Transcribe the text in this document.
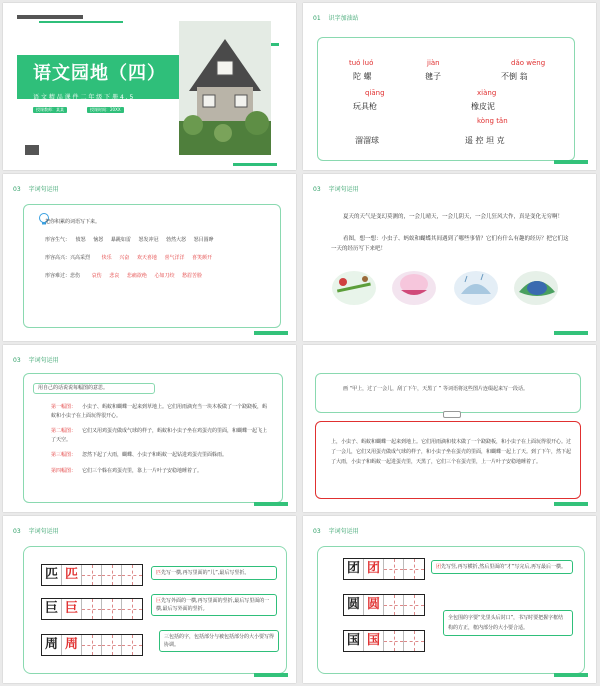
语文园地（四）
语 文 精 品 课 件 二 年 级 下 册 4 . 5
授课教师：某某	授课时间：20XX
01 识字加油站
tuó luó
陀 螺
jiàn
毽子
dǎo wēng
不倒 翁
qiāng
玩具枪
xiàng
橡皮泥
kòng tǎn
溜溜球	遥 控 坦 克
03 字词句运用
把你积累的词语写下来。
形容生气： 愤怒 恼怒 暴跳如雷 怒发冲冠 勃然大怒 怒目圆睁
形容高兴：兴高采烈 快乐 兴奋 欢天喜地 喜气洋洋 喜笑颜开
形容难过：悲伤 哀伤 悲哀 悲痛欲绝 心如刀绞 愁眉苦脸
03 字词句运用
夏天的天气是变幻莫测的，一会儿晴天，一会儿阴天，一会儿狂风大作，真是变化无穷啊！
看图，想一想：小虫子、蚂蚁和蝴蝶其间遇到了哪些事情？它们有什么有趣的经历？把它们这一天的经历写下来吧！
03 字词句运用
用自己的话说说每幅图的意思。
第一幅图： 小虫子、蚂蚁和蝴蝶一起来到草地上。它们用雨滴充当一块木板做了一个跷跷板，蚂蚁和小虫子在上面玩得很开心。
第二幅图： 它们又用鸡蛋壳做成气球的样子，蚂蚁和小虫子坐在鸡蛋壳的里面，和蝴蝶一起飞上了天空。
第三幅图： 忽然下起了大雨，蝴蝶、小虫子和蚂蚁一起钻进鸡蛋壳里面躲雨。
第四幅图： 它们三个躲在鸡蛋壳里，靠上一片叶子安稳地睡着了。
画 “甲上，过了一会儿，刮了下午，天黑了 ” 等词语将这些图片连缀起来写一段话。
上，小虫子、蚂蚁和蝴蝶一起来到地上。它们用雨滴和枝木做了一个跷跷板，和小虫子在上面玩得很开心。过了一会儿，它们又用蛋壳做成气球的样子，和小虫子坐在蛋壳的里面，和蝴蝶一起上了天。到了下午，然下起了大雨，小虫子和蚂蚁一起进蛋壳里，天黑了，它们三个在蛋壳里，上一片叶子安稳地睡着了。
03 字词句运用
匹 匹
巨 巨
周 周
匹先写一横,再写里面的“儿”,最后写竖折。
巨先写外面的一横,再写里面的竖折,最后写里面的一横,最后写外面的竖折。
三包括的字，包括部分与被包括部分的大小要写得协调。
03 字词句运用
团 团
圆 圆
国 国
团先写竖,再写横折,然后里面的“才”写完后,再写最后一横。
全包围的字要“先里头后封口”，书写时要把握字框结构的方正，框内部分的大小要合适。
